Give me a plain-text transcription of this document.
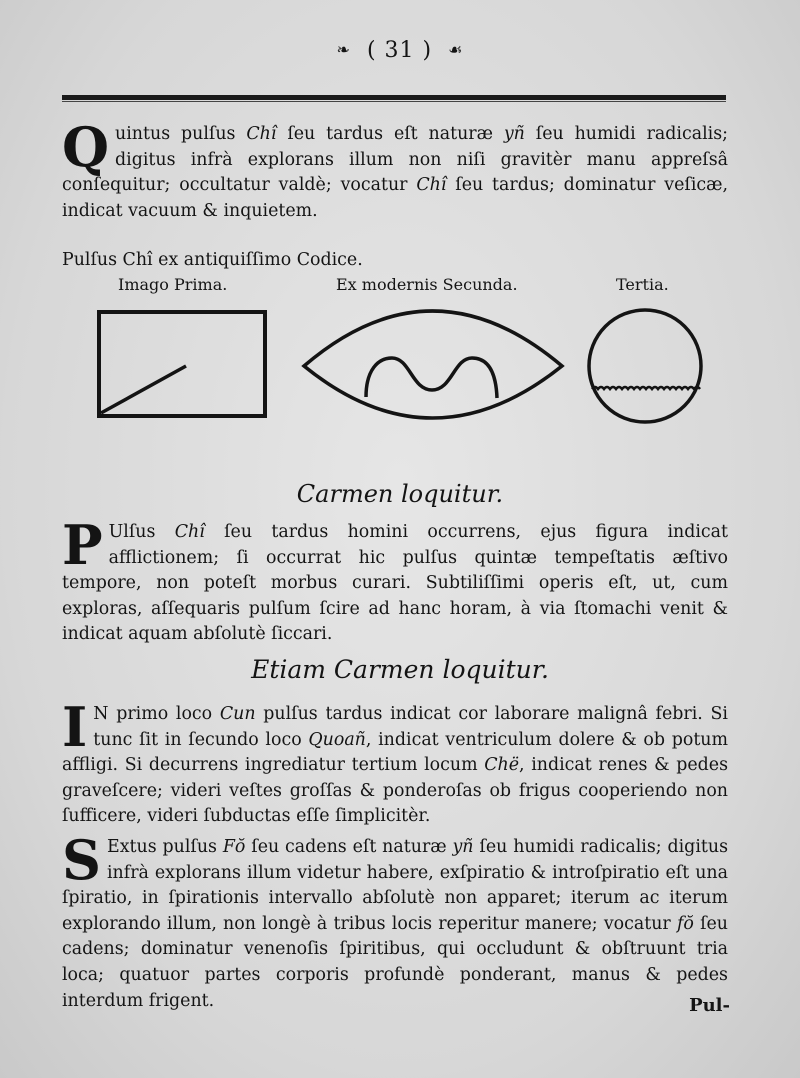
❧ ( 31 ) ☙
Quintus pulſus Chî ſeu tardus eſt naturæ yñ ſeu humidi radicalis; digitus infrà explorans illum non niſi gravitèr manu appreſsâ conſequitur; occultatur valdè; vocatur Chî ſeu tardus; dominatur veſicæ, indicat vacuum & inquietem.
Pulſus Chî ex antiquiſſimo Codice.
Imago Prima.	Ex modernis Secunda.	Tertia.
Carmen loquitur.
P Ulſus Chî ſeu tardus homini occurrens, ejus figura indicat afflictionem; ſi occurrat hic pulſus quintæ tempeſtatis æſtivo tempore, non poteſt morbus curari. Subtiliſſimi operis eſt, ut, cum exploras, aſſequaris pulſum ſcire ad hanc horam, à via ſtomachi venit & indicat aquam abſolutè ſiccari.
Etiam Carmen loquitur.
I N primo loco Cun pulſus tardus indicat cor laborare malignâ febri. Si tunc ſit in ſecundo loco Quoañ, indicat ventriculum dolere & ob potum affligi. Si decurrens ingrediatur tertium locum Chë, indicat renes & pedes graveſcere; videri veſtes groſſas & ponderoſas ob frigus cooperiendo non ſufficere, videri ſubductas eſſe ſimplicitèr.
S Extus pulſus Fŏ ſeu cadens eſt naturæ yñ ſeu humidi radicalis; digitus infrà explorans illum videtur habere, exſpiratio & introſpiratio eſt una ſpiratio, in ſpirationis intervallo abſolutè non apparet; iterum ac iterum explorando illum, non longè à tribus locis reperitur manere; vocatur fŏ ſeu cadens; dominatur venenoſis ſpiritibus, qui occludunt & obſtruunt tria loca; quatuor partes corporis profundè ponderant, manus & pedes interdum frigent.	Pul-
